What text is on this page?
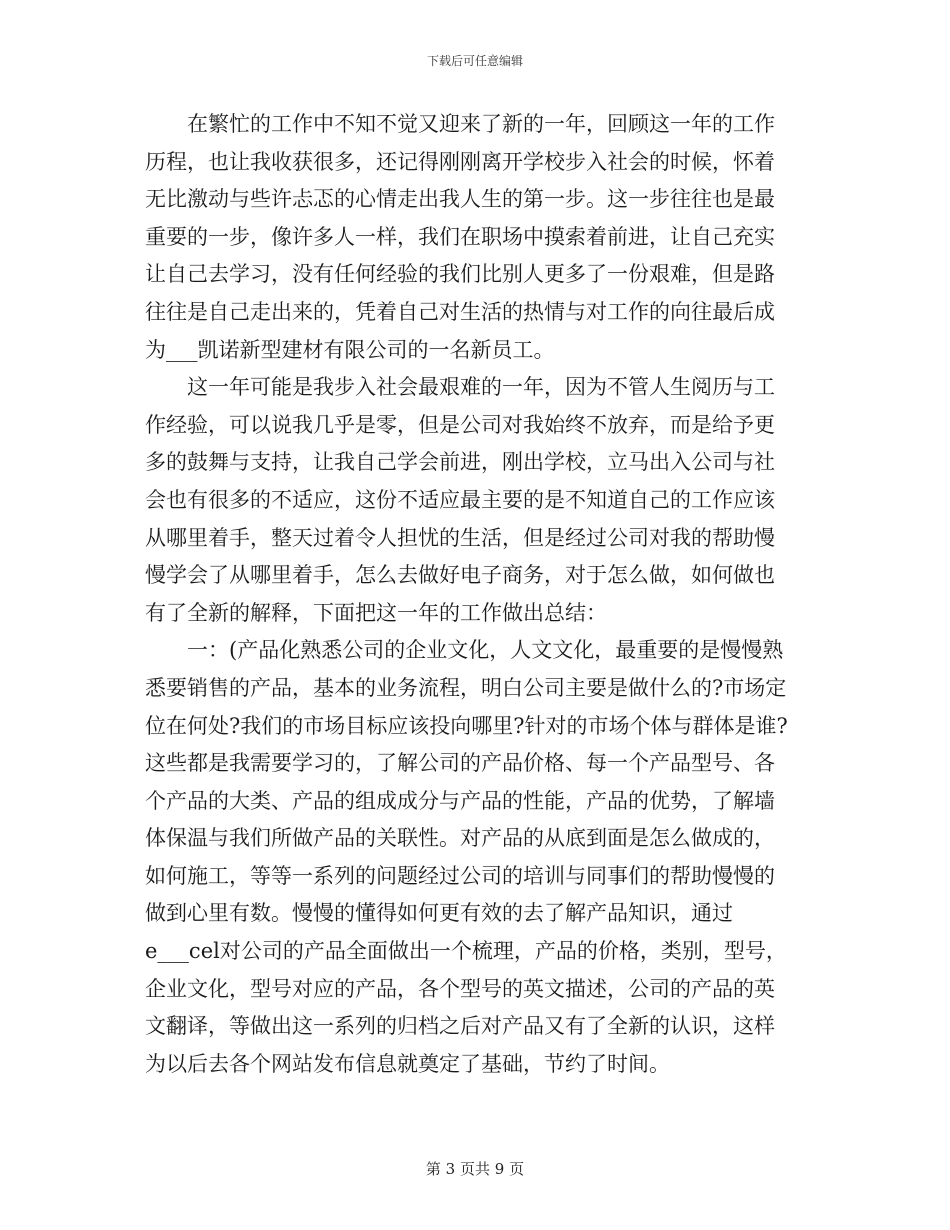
下载后可任意编辑
在繁忙的工作中不知不觉又迎来了新的一年，回顾这一年的工作
历程，也让我收获很多，还记得刚刚离开学校步入社会的时候，怀着
无比激动与些许忐忑的心情走出我人生的第一步。这一步往往也是最
重要的一步，像许多人一样，我们在职场中摸索着前进，让自己充实
让自己去学习，没有任何经验的我们比别人更多了一份艰难，但是路
往往是自己走出来的，凭着自己对生活的热情与对工作的向往最后成
为___凯诺新型建材有限公司的一名新员工。
这一年可能是我步入社会最艰难的一年，因为不管人生阅历与工
作经验，可以说我几乎是零，但是公司对我始终不放弃，而是给予更
多的鼓舞与支持，让我自己学会前进，刚出学校，立马出入公司与社
会也有很多的不适应，这份不适应最主要的是不知道自己的工作应该
从哪里着手，整天过着令人担忧的生活，但是经过公司对我的帮助慢
慢学会了从哪里着手，怎么去做好电子商务，对于怎么做，如何做也
有了全新的解释，下面把这一年的工作做出总结：
一：(产品化熟悉公司的企业文化，人文文化，最重要的是慢慢熟
悉要销售的产品，基本的业务流程，明白公司主要是做什么的?市场定
位在何处?我们的市场目标应该投向哪里?针对的市场个体与群体是谁?
这些都是我需要学习的，了解公司的产品价格、每一个产品型号、各
个产品的大类、产品的组成成分与产品的性能，产品的优势，了解墙
体保温与我们所做产品的关联性。对产品的从底到面是怎么做成的，
如何施工，等等一系列的问题经过公司的培训与同事们的帮助慢慢的
做到心里有数。慢慢的懂得如何更有效的去了解产品知识，通过
e___cel对公司的产品全面做出一个梳理，产品的价格，类别，型号，
企业文化，型号对应的产品，各个型号的英文描述，公司的产品的英
文翻译，等做出这一系列的归档之后对产品又有了全新的认识，这样
为以后去各个网站发布信息就奠定了基础，节约了时间。
第 3 页共 9 页
